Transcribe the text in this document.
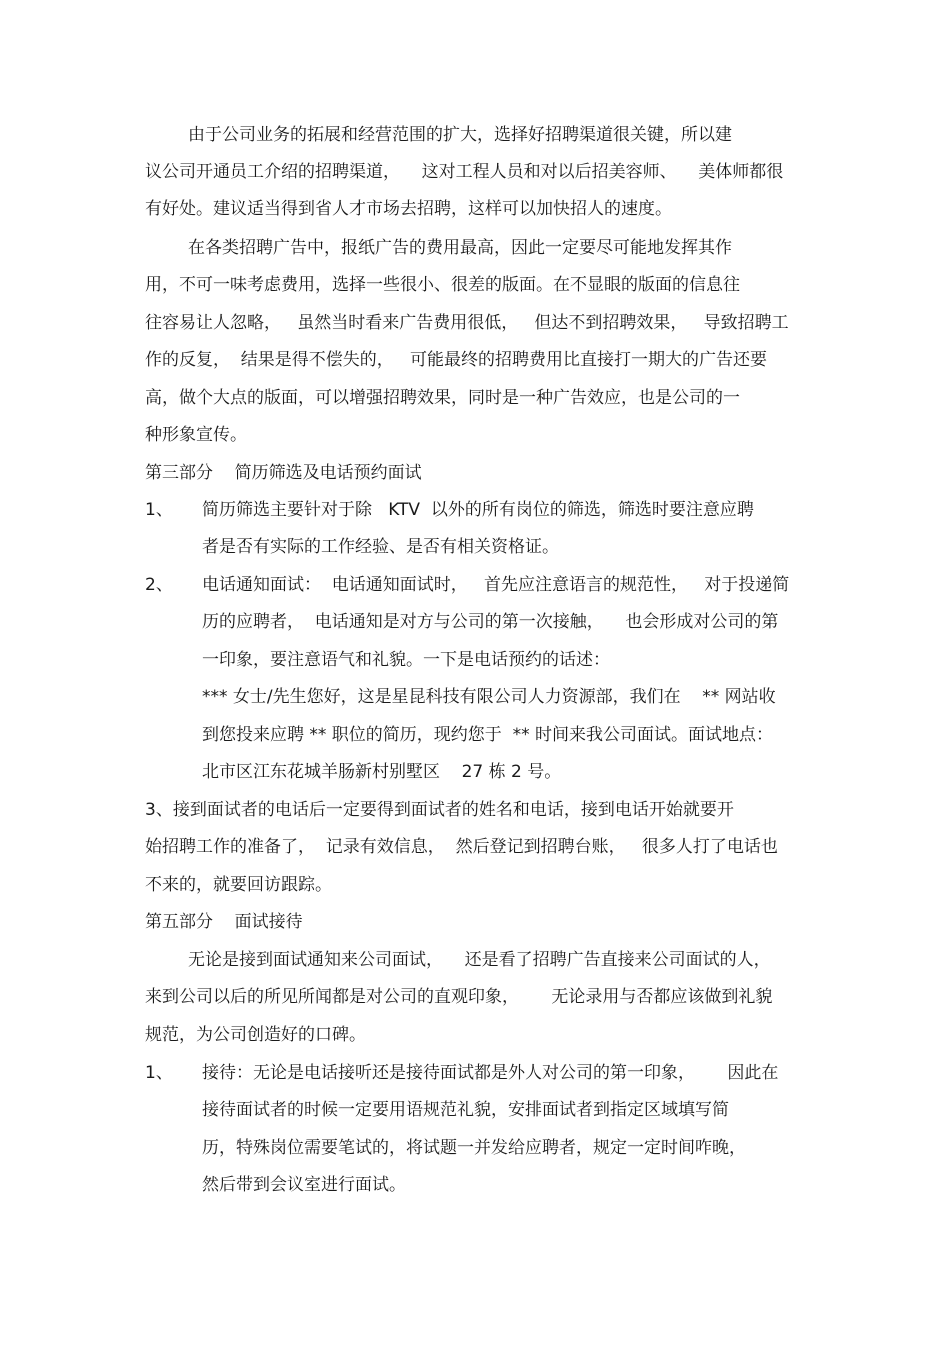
由于公司业务的拓展和经营范围的扩大，选择好招聘渠道很关键，所以建
议公司开通员工介绍的招聘渠道，    这对工程人员和对以后招美容师、    美体师都很
有好处。建议适当得到省人才市场去招聘，这样可以加快招人的速度。
在各类招聘广告中，报纸广告的费用最高，因此一定要尽可能地发挥其作
用，不可一味考虑费用，选择一些很小、很差的版面。在不显眼的版面的信息往
往容易让人忽略，   虽然当时看来广告费用很低，   但达不到招聘效果，   导致招聘工
作的反复，  结果是得不偿失的，   可能最终的招聘费用比直接打一期大的广告还要
高，做个大点的版面，可以增强招聘效果，同时是一种广告效应，也是公司的一
种形象宣传。
第三部分    简历筛选及电话预约面试
1、 简历筛选主要针对于除   KTV  以外的所有岗位的筛选，筛选时要注意应聘
者是否有实际的工作经验、是否有相关资格证。
2、 电话通知面试：  电话通知面试时，   首先应注意语言的规范性，   对于投递简
历的应聘者，  电话通知是对方与公司的第一次接触，    也会形成对公司的第
一印象，要注意语气和礼貌。一下是电话预约的话述：
*** 女士/先生您好，这是星昆科技有限公司人力资源部，我们在    ** 网站收
到您投来应聘 ** 职位的简历，现约您于  ** 时间来我公司面试。面试地点：
北市区江东花城羊肠新村别墅区    27 栋 2 号。
3、接到面试者的电话后一定要得到面试者的姓名和电话，接到电话开始就要开
始招聘工作的准备了，  记录有效信息，  然后登记到招聘台账，   很多人打了电话也
不来的，就要回访跟踪。
第五部分    面试接待
无论是接到面试通知来公司面试，    还是看了招聘广告直接来公司面试的人，
来到公司以后的所见所闻都是对公司的直观印象，      无论录用与否都应该做到礼貌
规范，为公司创造好的口碑。
1、 接待：无论是电话接听还是接待面试都是外人对公司的第一印象，      因此在
接待面试者的时候一定要用语规范礼貌，安排面试者到指定区域填写简
历，特殊岗位需要笔试的，将试题一并发给应聘者，规定一定时间咋晚，
然后带到会议室进行面试。
